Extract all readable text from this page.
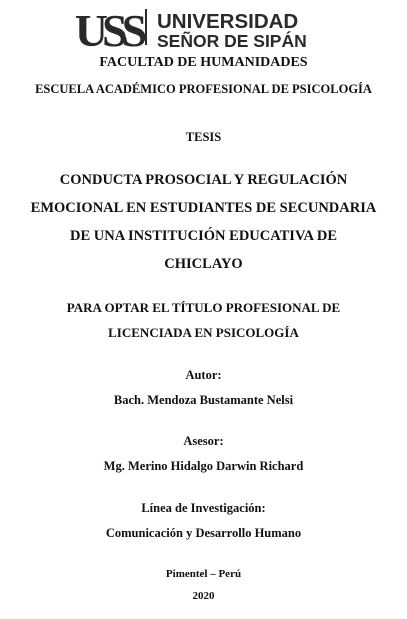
USS UNIVERSIDAD
SEÑOR DE SIPÁN
FACULTAD DE HUMANIDADES
ESCUELA ACADÉMICO PROFESIONAL DE PSICOLOGÍA
TESIS
CONDUCTA PROSOCIAL Y REGULACIÓN
EMOCIONAL EN ESTUDIANTES DE SECUNDARIA
DE UNA INSTITUCIÓN EDUCATIVA DE
CHICLAYO
PARA OPTAR EL TÍTULO PROFESIONAL DE
LICENCIADA EN PSICOLOGÍA
Autor:
Bach. Mendoza Bustamante Nelsi
Asesor:
Mg. Merino Hidalgo Darwin Richard
Línea de Investigación:
Comunicación y Desarrollo Humano
Pimentel – Perú
2020
